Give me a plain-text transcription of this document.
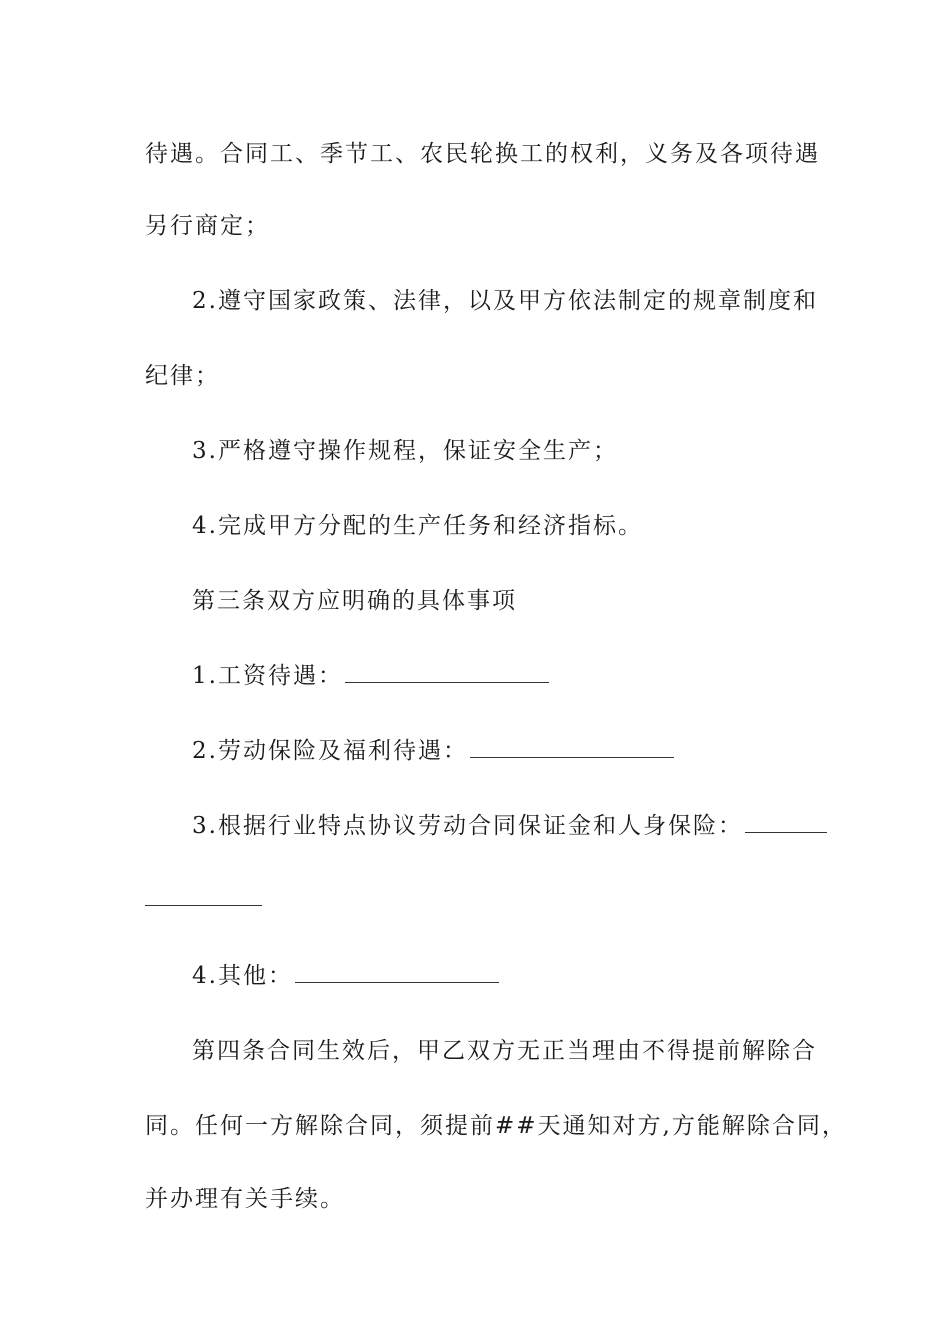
待遇。合同工、季节工、农民轮换工的权利，义务及各项待遇
另行商定；
2.遵守国家政策、法律，以及甲方依法制定的规章制度和
纪律；
3.严格遵守操作规程，保证安全生产；
4.完成甲方分配的生产任务和经济指标。
第三条双方应明确的具体事项
1.工资待遇：
2.劳动保险及福利待遇：
3.根据行业特点协议劳动合同保证金和人身保险：
4.其他：
第四条合同生效后，甲乙双方无正当理由不得提前解除合
同。任何一方解除合同，须提前##天通知对方,方能解除合同，
并办理有关手续。
